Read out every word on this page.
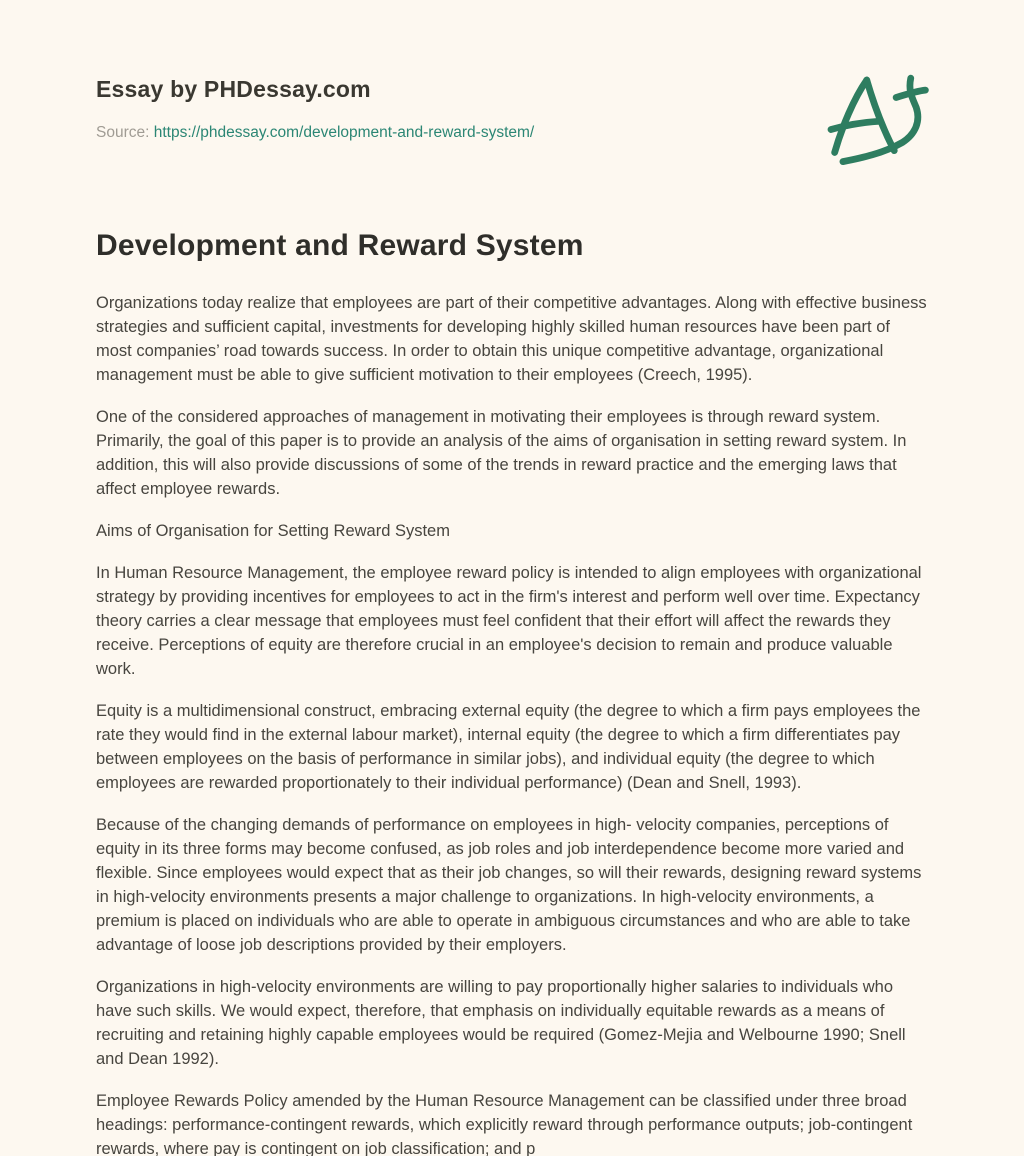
Essay by PHDessay.com

Source: https://phdessay.com/development-and-reward-system/

Development and Reward System

Organizations today realize that employees are part of their competitive advantages. Along with effective business strategies and sufficient capital, investments for developing highly skilled human resources have been part of most companies’ road towards success. In order to obtain this unique competitive advantage, organizational management must be able to give sufficient motivation to their employees (Creech, 1995).

One of the considered approaches of management in motivating their employees is through reward system. Primarily, the goal of this paper is to provide an analysis of the aims of organisation in setting reward system. In addition, this will also provide discussions of some of the trends in reward practice and the emerging laws that affect employee rewards.

Aims of Organisation for Setting Reward System

In Human Resource Management, the employee reward policy is intended to align employees with organizational strategy by providing incentives for employees to act in the firm's interest and perform well over time. Expectancy theory carries a clear message that employees must feel confident that their effort will affect the rewards they receive. Perceptions of equity are therefore crucial in an employee's decision to remain and produce valuable work.

Equity is a multidimensional construct, embracing external equity (the degree to which a firm pays employees the rate they would find in the external labour market), internal equity (the degree to which a firm differentiates pay between employees on the basis of performance in similar jobs), and individual equity (the degree to which employees are rewarded proportionately to their individual performance) (Dean and Snell, 1993).

Because of the changing demands of performance on employees in high- velocity companies, perceptions of equity in its three forms may become confused, as job roles and job interdependence become more varied and flexible. Since employees would expect that as their job changes, so will their rewards, designing reward systems in high-velocity environments presents a major challenge to organizations. In high-velocity environments, a premium is placed on individuals who are able to operate in ambiguous circumstances and who are able to take advantage of loose job descriptions provided by their employers.

Organizations in high-velocity environments are willing to pay proportionally higher salaries to individuals who have such skills. We would expect, therefore, that emphasis on individually equitable rewards as a means of recruiting and retaining highly capable employees would be required (Gomez-Mejia and Welbourne 1990; Snell and Dean 1992).

Employee Rewards Policy amended by the Human Resource Management can be classified under three broad headings: performance-contingent rewards, which explicitly reward through performance outputs; job-contingent rewards, where pay is contingent on job classification; and p
